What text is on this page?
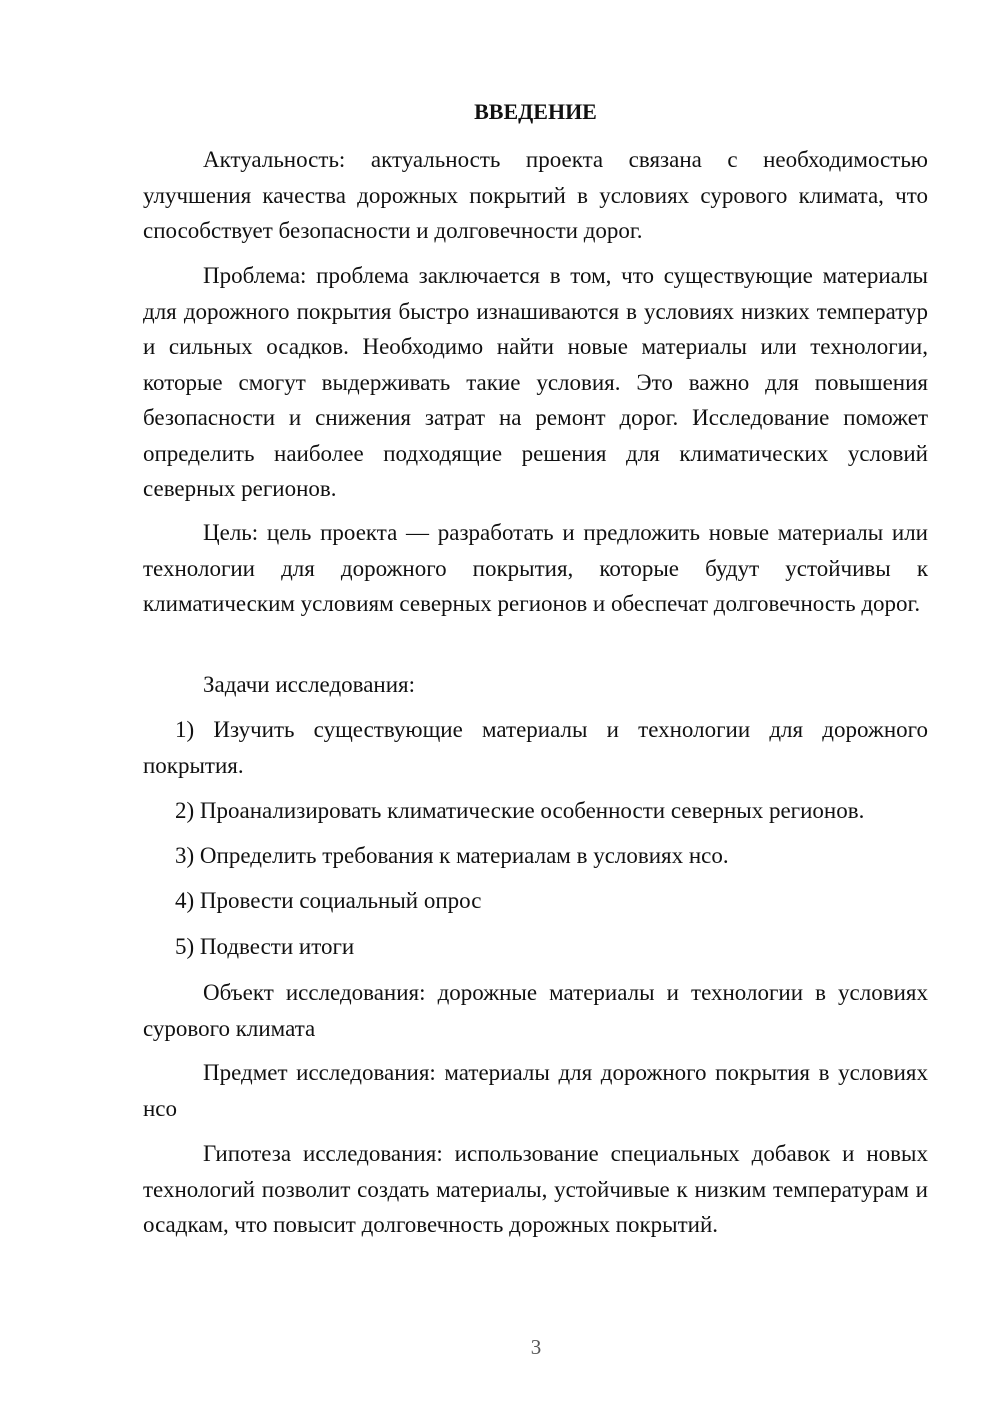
ВВЕДЕНИЕ
Актуальность: актуальность проекта связана с необходимостью улучшения качества дорожных покрытий в условиях сурового климата, что способствует безопасности и долговечности дорог.
Проблема: проблема заключается в том, что существующие материалы для дорожного покрытия быстро изнашиваются в условиях низких температур и сильных осадков. Необходимо найти новые материалы или технологии, которые смогут выдерживать такие условия. Это важно для повышения безопасности и снижения затрат на ремонт дорог. Исследование поможет определить наиболее подходящие решения для климатических условий северных регионов.
Цель: цель проекта — разработать и предложить новые материалы или технологии для дорожного покрытия, которые будут устойчивы к климатическим условиям северных регионов и обеспечат долговечность дорог.
Задачи исследования:
1) Изучить существующие материалы и технологии для дорожного покрытия.
2) Проанализировать климатические особенности северных регионов.
3) Определить требования к материалам в условиях нсо.
4) Провести социальный опрос
5) Подвести итоги
Объект исследования: дорожные материалы и технологии в условиях сурового климата
Предмет исследования: материалы для дорожного покрытия в условиях нсо
Гипотеза исследования: использование специальных добавок и новых технологий позволит создать материалы, устойчивые к низким температурам и осадкам, что повысит долговечность дорожных покрытий.
3
